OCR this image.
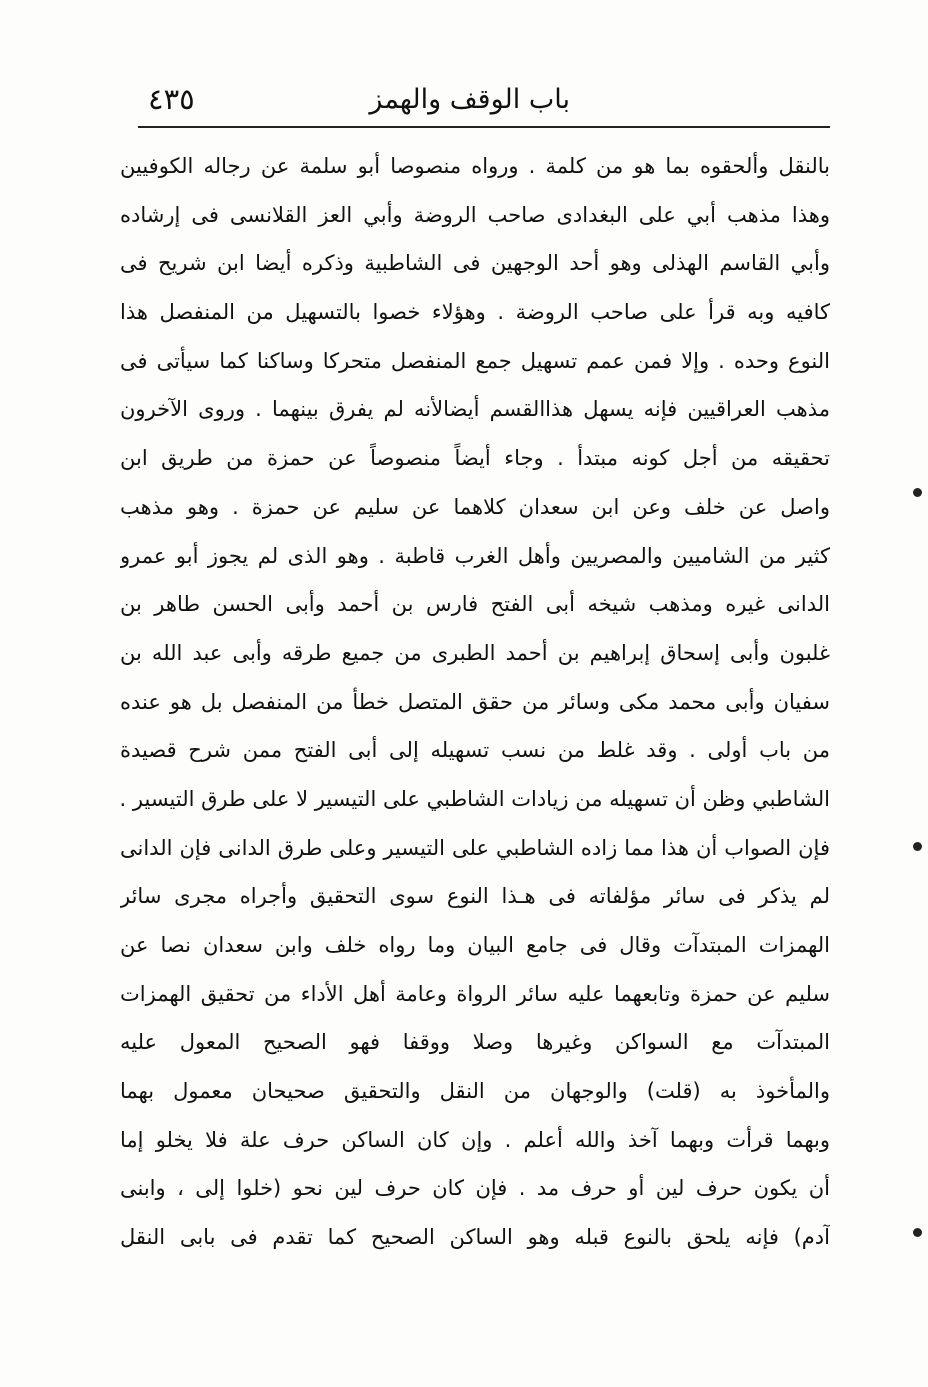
باب الوقف والهمز
٤٣٥
بالنقل وألحقوه بما هو من كلمة . ورواه منصوصا أبو سلمة عن رجاله الكوفيين
وهذا مذهب أبي على البغدادى صاحب الروضة وأبي العز القلانسى فى إرشاده
وأبي القاسم الهذلى وهو أحد الوجهين فى الشاطبية وذكره أيضا ابن شريح فى
كافيه وبه قرأ على صاحب الروضة . وهؤلاء خصوا بالتسهيل من المنفصل هذا
النوع وحده . وإلا فمن عمم تسهيل جمع المنفصل متحركا وساكنا كما سيأتى فى
مذهب العراقيين فإنه يسهل هذاالقسم أيضالأنه لم يفرق بينهما . وروى الآخرون
تحقيقه من أجل كونه مبتدأ . وجاء أيضاً منصوصاً عن حمزة من طريق ابن
واصل عن خلف وعن ابن سعدان كلاهما عن سليم عن حمزة . وهو مذهب
كثير من الشاميين والمصريين وأهل الغرب قاطبة . وهو الذى لم يجوز أبو عمرو
الدانى غيره ومذهب شيخه أبى الفتح فارس بن أحمد وأبى الحسن طاهر بن
غلبون وأبى إسحاق إبراهيم بن أحمد الطبرى من جميع طرقه وأبى عبد الله بن
سفيان وأبى محمد مكى وسائر من حقق المتصل خطأ من المنفصل بل هو عنده
من باب أولى . وقد غلط من نسب تسهيله إلى أبى الفتح ممن شرح قصيدة
الشاطبي وظن أن تسهيله من زيادات الشاطبي على التيسير لا على طرق التيسير .
فإن الصواب أن هذا مما زاده الشاطبي على التيسير وعلى طرق الدانى فإن الدانى
لم يذكر فى سائر مؤلفاته فى هـذا النوع سوى التحقيق وأجراه مجرى سائر
الهمزات المبتدآت وقال فى جامع البيان وما رواه خلف وابن سعدان نصا عن
سليم عن حمزة وتابعهما عليه سائر الرواة وعامة أهل الأداء من تحقيق الهمزات
المبتدآت مع السواكن وغيرها وصلا ووقفا فهو الصحيح المعول عليه
والمأخوذ به (قلت) والوجهان من النقل والتحقيق صحيحان معمول بهما
وبهما قرأت وبهما آخذ والله أعلم . وإن كان الساكن حرف علة فلا يخلو إما
أن يكون حرف لين أو حرف مد . فإن كان حرف لين نحو (خلوا إلى ، وابنى
آدم) فإنه يلحق بالنوع قبله وهو الساكن الصحيح كما تقدم فى بابى النقل
